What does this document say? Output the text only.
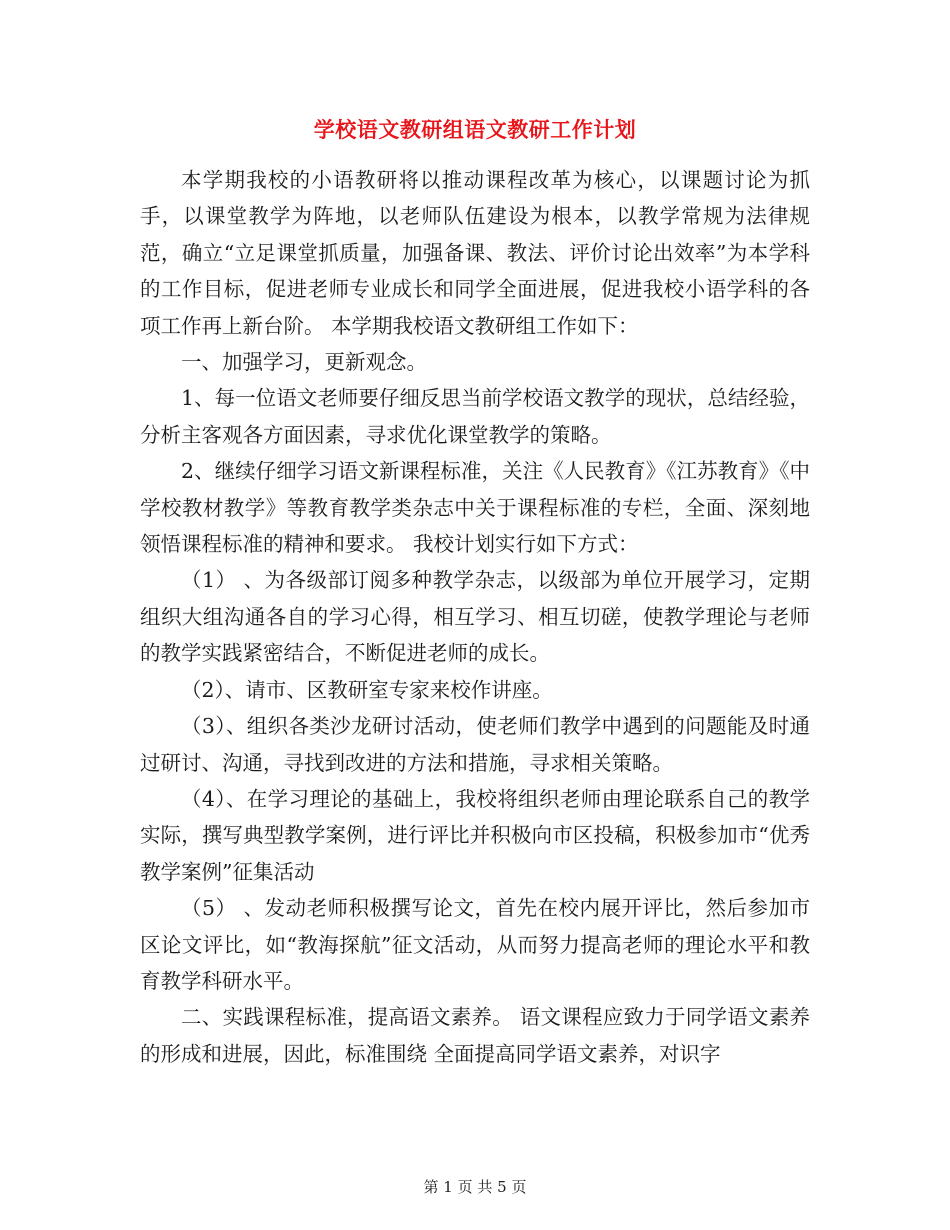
学校语文教研组语文教研工作计划

本学期我校的小语教研将以推动课程改革为核心，以课题讨论为抓手，以课堂教学为阵地，以老师队伍建设为根本，以教学常规为法律规范，确立“立足课堂抓质量，加强备课、教法、评价讨论出效率”为本学科的工作目标，促进老师专业成长和同学全面进展，促进我校小语学科的各项工作再上新台阶。 本学期我校语文教研组工作如下：

一、加强学习，更新观念。

1、每一位语文老师要仔细反思当前学校语文教学的现状，总结经验，分析主客观各方面因素，寻求优化课堂教学的策略。

2、继续仔细学习语文新课程标准，关注《人民教育》《江苏教育》《中学校教材教学》等教育教学类杂志中关于课程标准的专栏，全面、深刻地领悟课程标准的精神和要求。 我校计划实行如下方式：

（1） 、为各级部订阅多种教学杂志，以级部为单位开展学习，定期组织大组沟通各自的学习心得，相互学习、相互切磋，使教学理论与老师的教学实践紧密结合，不断促进老师的成长。

（2）、请市、区教研室专家来校作讲座。

（3）、组织各类沙龙研讨活动，使老师们教学中遇到的问题能及时通过研讨、沟通，寻找到改进的方法和措施，寻求相关策略。

（4）、在学习理论的基础上，我校将组织老师由理论联系自己的教学实际，撰写典型教学案例，进行评比并积极向市区投稿，积极参加市“优秀教学案例”征集活动

（5） 、发动老师积极撰写论文，首先在校内展开评比，然后参加市区论文评比，如“教海探航”征文活动，从而努力提高老师的理论水平和教育教学科研水平。

二、实践课程标准，提高语文素养。 语文课程应致力于同学语文素养的形成和进展，因此，标准围绕 全面提高同学语文素养，对识字

第 1 页 共 5 页
